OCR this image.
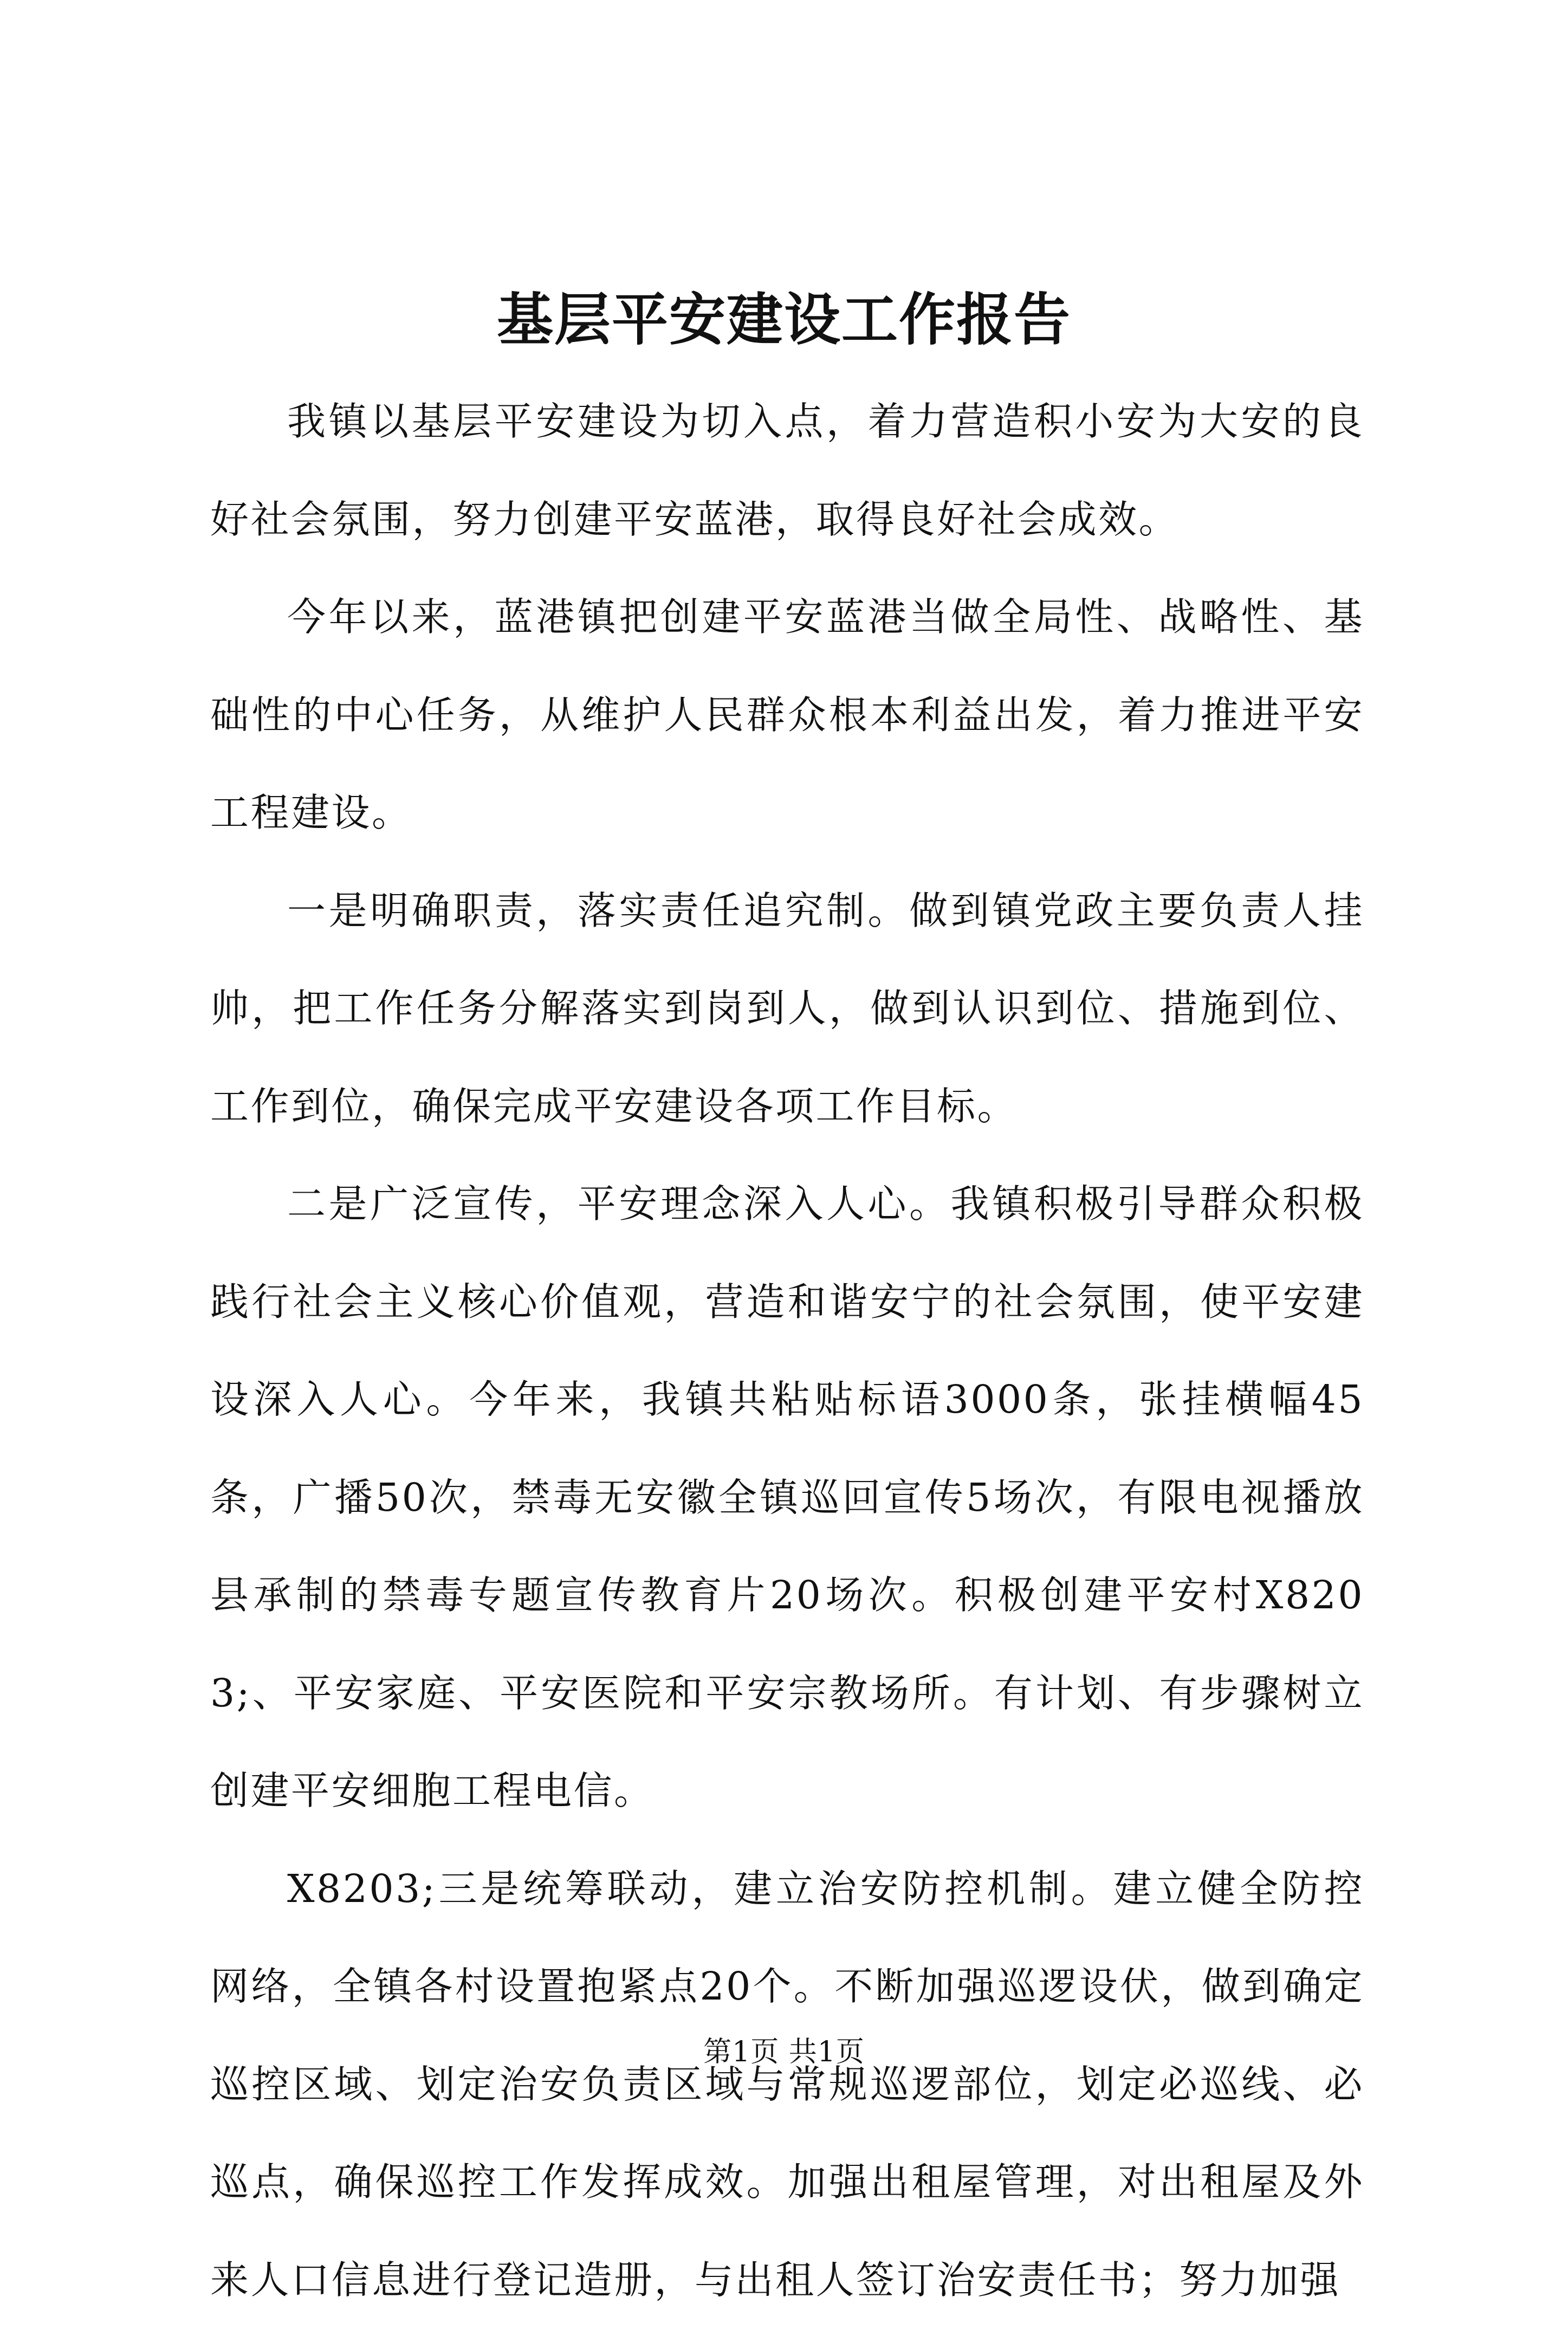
基层平安建设工作报告

我镇以基层平安建设为切入点，着力营造积小安为大安的良好社会氛围，努力创建平安蓝港，取得良好社会成效。

今年以来，蓝港镇把创建平安蓝港当做全局性、战略性、基础性的中心任务，从维护人民群众根本利益出发，着力推进平安工程建设。

一是明确职责，落实责任追究制。做到镇党政主要负责人挂帅，把工作任务分解落实到岗到人，做到认识到位、措施到位、工作到位，确保完成平安建设各项工作目标。

二是广泛宣传，平安理念深入人心。我镇积极引导群众积极践行社会主义核心价值观，营造和谐安宁的社会氛围，使平安建设深入人心。今年来，我镇共粘贴标语3000条，张挂横幅45条，广播50次，禁毒无安徽全镇巡回宣传5场次，有限电视播放县承制的禁毒专题宣传教育片20场次。积极创建平安村X8203;、平安家庭、平安医院和平安宗教场所。有计划、有步骤树立创建平安细胞工程电信。

X8203;三是统筹联动，建立治安防控机制。建立健全防控网络，全镇各村设置抱紧点20个。不断加强巡逻设伏，做到确定巡控区域、划定治安负责区域与常规巡逻部位，划定必巡线、必巡点，确保巡控工作发挥成效。加强出租屋管理，对出租屋及外来人口信息进行登记造册，与出租人签订治安责任书；努力加强

第1页 共1页
